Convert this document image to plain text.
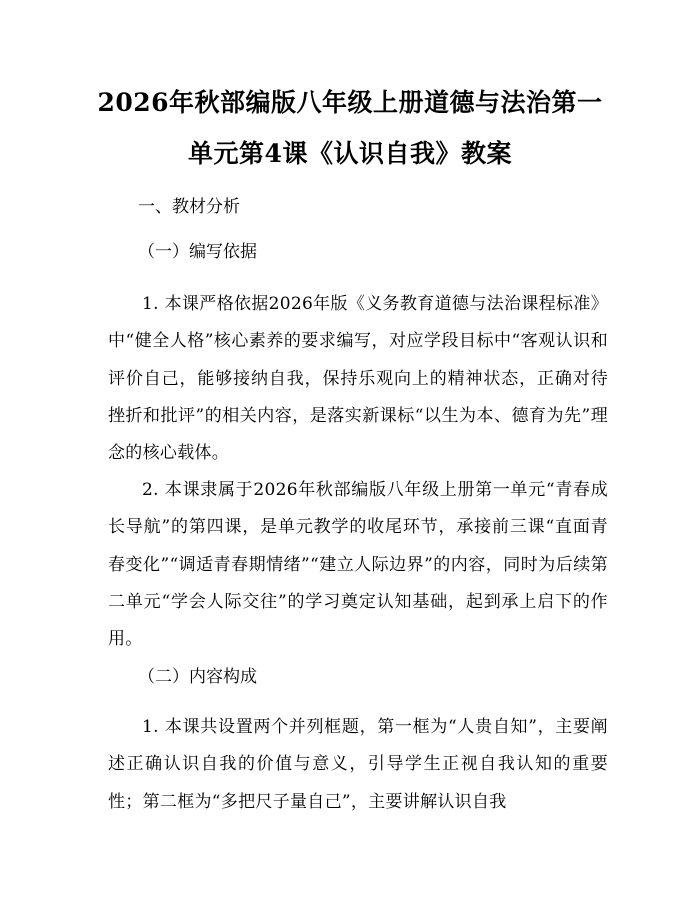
2026年秋部编版八年级上册道德与法治第一
单元第4课《认识自我》教案
一、教材分析
（一）编写依据
1. 本课严格依据2026年版《义务教育道德与法治课程标准》中“健全人格”核心素养的要求编写，对应学段目标中“客观认识和评价自己，能够接纳自我，保持乐观向上的精神状态，正确对待挫折和批评”的相关内容，是落实新课标“以生为本、德育为先”理念的核心载体。
2. 本课隶属于2026年秋部编版八年级上册第一单元“青春成长导航”的第四课，是单元教学的收尾环节，承接前三课“直面青春变化”“调适青春期情绪”“建立人际边界”的内容，同时为后续第二单元“学会人际交往”的学习奠定认知基础，起到承上启下的作用。
（二）内容构成
1. 本课共设置两个并列框题，第一框为“人贵自知”，主要阐述正确认识自我的价值与意义，引导学生正视自我认知的重要性；第二框为“多把尺子量自己”，主要讲解认识自我
